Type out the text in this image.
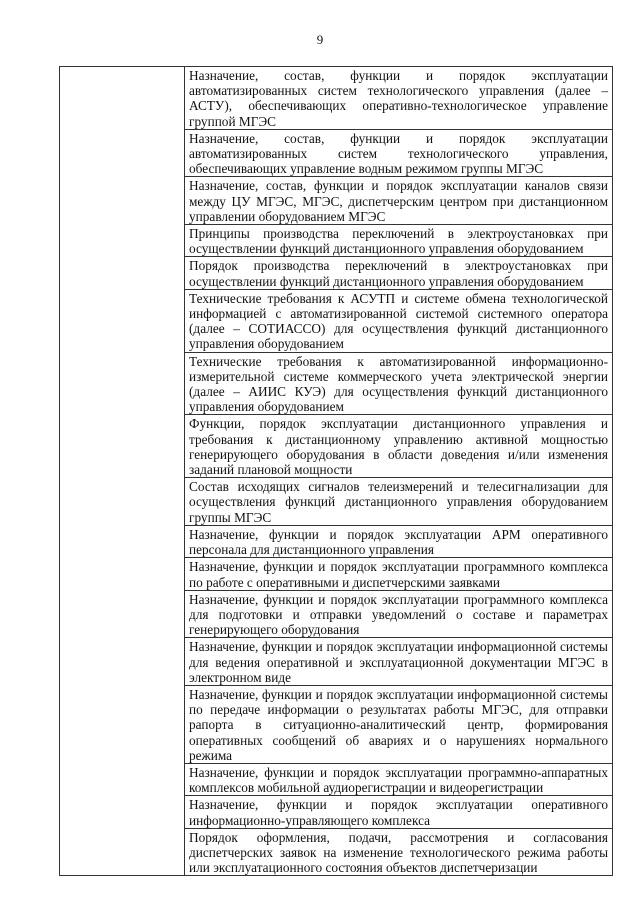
9
	Назначение, состав, функции и порядок эксплуатации автоматизированных систем технологического управления (далее – АСТУ), обеспечивающих оперативно-технологическое управление группой МГЭС
Назначение, состав, функции и порядок эксплуатации автоматизированных систем технологического управления, обеспечивающих управление водным режимом группы МГЭС
Назначение, состав, функции и порядок эксплуатации каналов связи между ЦУ МГЭС, МГЭС, диспетчерским центром при дистанционном управлении оборудованием МГЭС
Принципы производства переключений в электроустановках при осуществлении функций дистанционного управления оборудованием
Порядок производства переключений в электроустановках при осуществлении функций дистанционного управления оборудованием
Технические требования к АСУТП и системе обмена технологической информацией с автоматизированной системой системного оператора (далее – СОТИАССО) для осуществления функций дистанционного управления оборудованием
Технические требования к автоматизированной информационно-измерительной системе коммерческого учета электрической энергии (далее – АИИС КУЭ) для осуществления функций дистанционного управления оборудованием
Функции, порядок эксплуатации дистанционного управления и требования к дистанционному управлению активной мощностью генерирующего оборудования в области доведения и/или изменения заданий плановой мощности
Состав исходящих сигналов телеизмерений и телесигнализации для осуществления функций дистанционного управления оборудованием группы МГЭС
Назначение, функции и порядок эксплуатации АРМ оперативного персонала для дистанционного управления
Назначение, функции и порядок эксплуатации программного комплекса по работе с оперативными и диспетчерскими заявками
Назначение, функции и порядок эксплуатации программного комплекса для подготовки и отправки уведомлений о составе и параметрах генерирующего оборудования
Назначение, функции и порядок эксплуатации информационной системы для ведения оперативной и эксплуатационной документации МГЭС в электронном виде
Назначение, функции и порядок эксплуатации информационной системы по передаче информации о результатах работы МГЭС, для отправки рапорта в ситуационно-аналитический центр, формирования оперативных сообщений об авариях и о нарушениях нормального режима
Назначение, функции и порядок эксплуатации программно-аппаратных комплексов мобильной аудиорегистрации и видеорегистрации
Назначение, функции и порядок эксплуатации оперативного информационно-управляющего комплекса
Порядок оформления, подачи, рассмотрения и согласования диспетчерских заявок на изменение технологического режима работы или эксплуатационного состояния объектов диспетчеризации
